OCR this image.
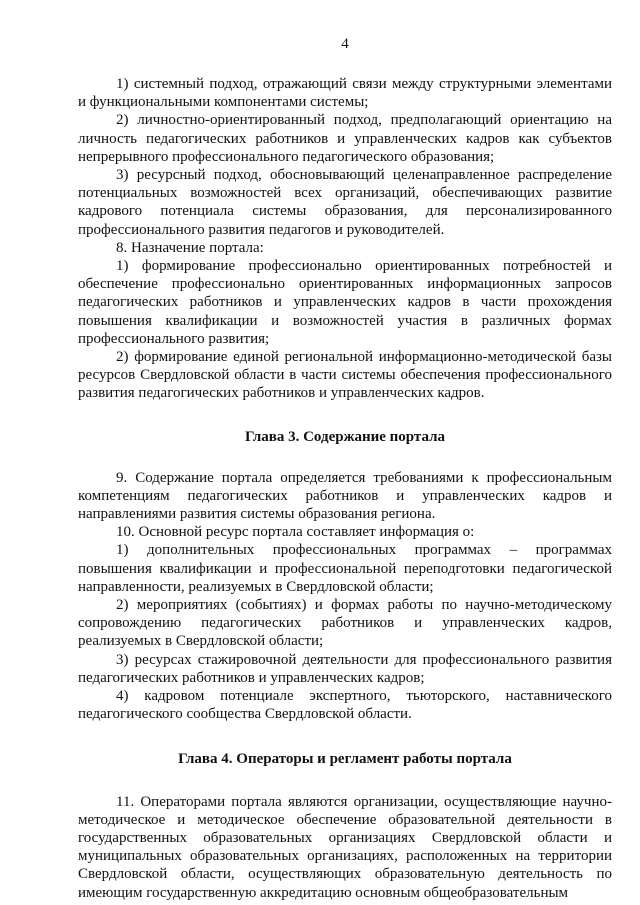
4

1) системный подход, отражающий связи между структурными элементами и функциональными компонентами системы;

2) личностно-ориентированный подход, предполагающий ориентацию на личность педагогических работников и управленческих кадров как субъектов непрерывного профессионального педагогического образования;

3) ресурсный подход, обосновывающий целенаправленное распределение потенциальных возможностей всех организаций, обеспечивающих развитие кадрового потенциала системы образования, для персонализированного профессионального развития педагогов и руководителей.

8. Назначение портала:

1) формирование профессионально ориентированных потребностей и обеспечение профессионально ориентированных информационных запросов педагогических работников и управленческих кадров в части прохождения повышения квалификации и возможностей участия в различных формах профессионального развития;

2) формирование единой региональной информационно-методической базы ресурсов Свердловской области в части системы обеспечения профессионального развития педагогических работников и управленческих кадров.

Глава 3. Содержание портала

9. Содержание портала определяется требованиями к профессиональным компетенциям педагогических работников и управленческих кадров и направлениями развития системы образования региона.

10. Основной ресурс портала составляет информация о:

1) дополнительных профессиональных программах – программах повышения квалификации и профессиональной переподготовки педагогической направленности, реализуемых в Свердловской области;

2) мероприятиях (событиях) и формах работы по научно-методическому сопровождению педагогических работников и управленческих кадров, реализуемых в Свердловской области;

3) ресурсах стажировочной деятельности для профессионального развития педагогических работников и управленческих кадров;

4) кадровом потенциале экспертного, тьюторского, наставнического педагогического сообщества Свердловской области.

Глава 4. Операторы и регламент работы портала

11. Операторами портала являются организации, осуществляющие научно-методическое и методическое обеспечение образовательной деятельности в государственных образовательных организациях Свердловской области и муниципальных образовательных организациях, расположенных на территории Свердловской области, осуществляющих образовательную деятельность по имеющим государственную аккредитацию основным общеобразовательным
